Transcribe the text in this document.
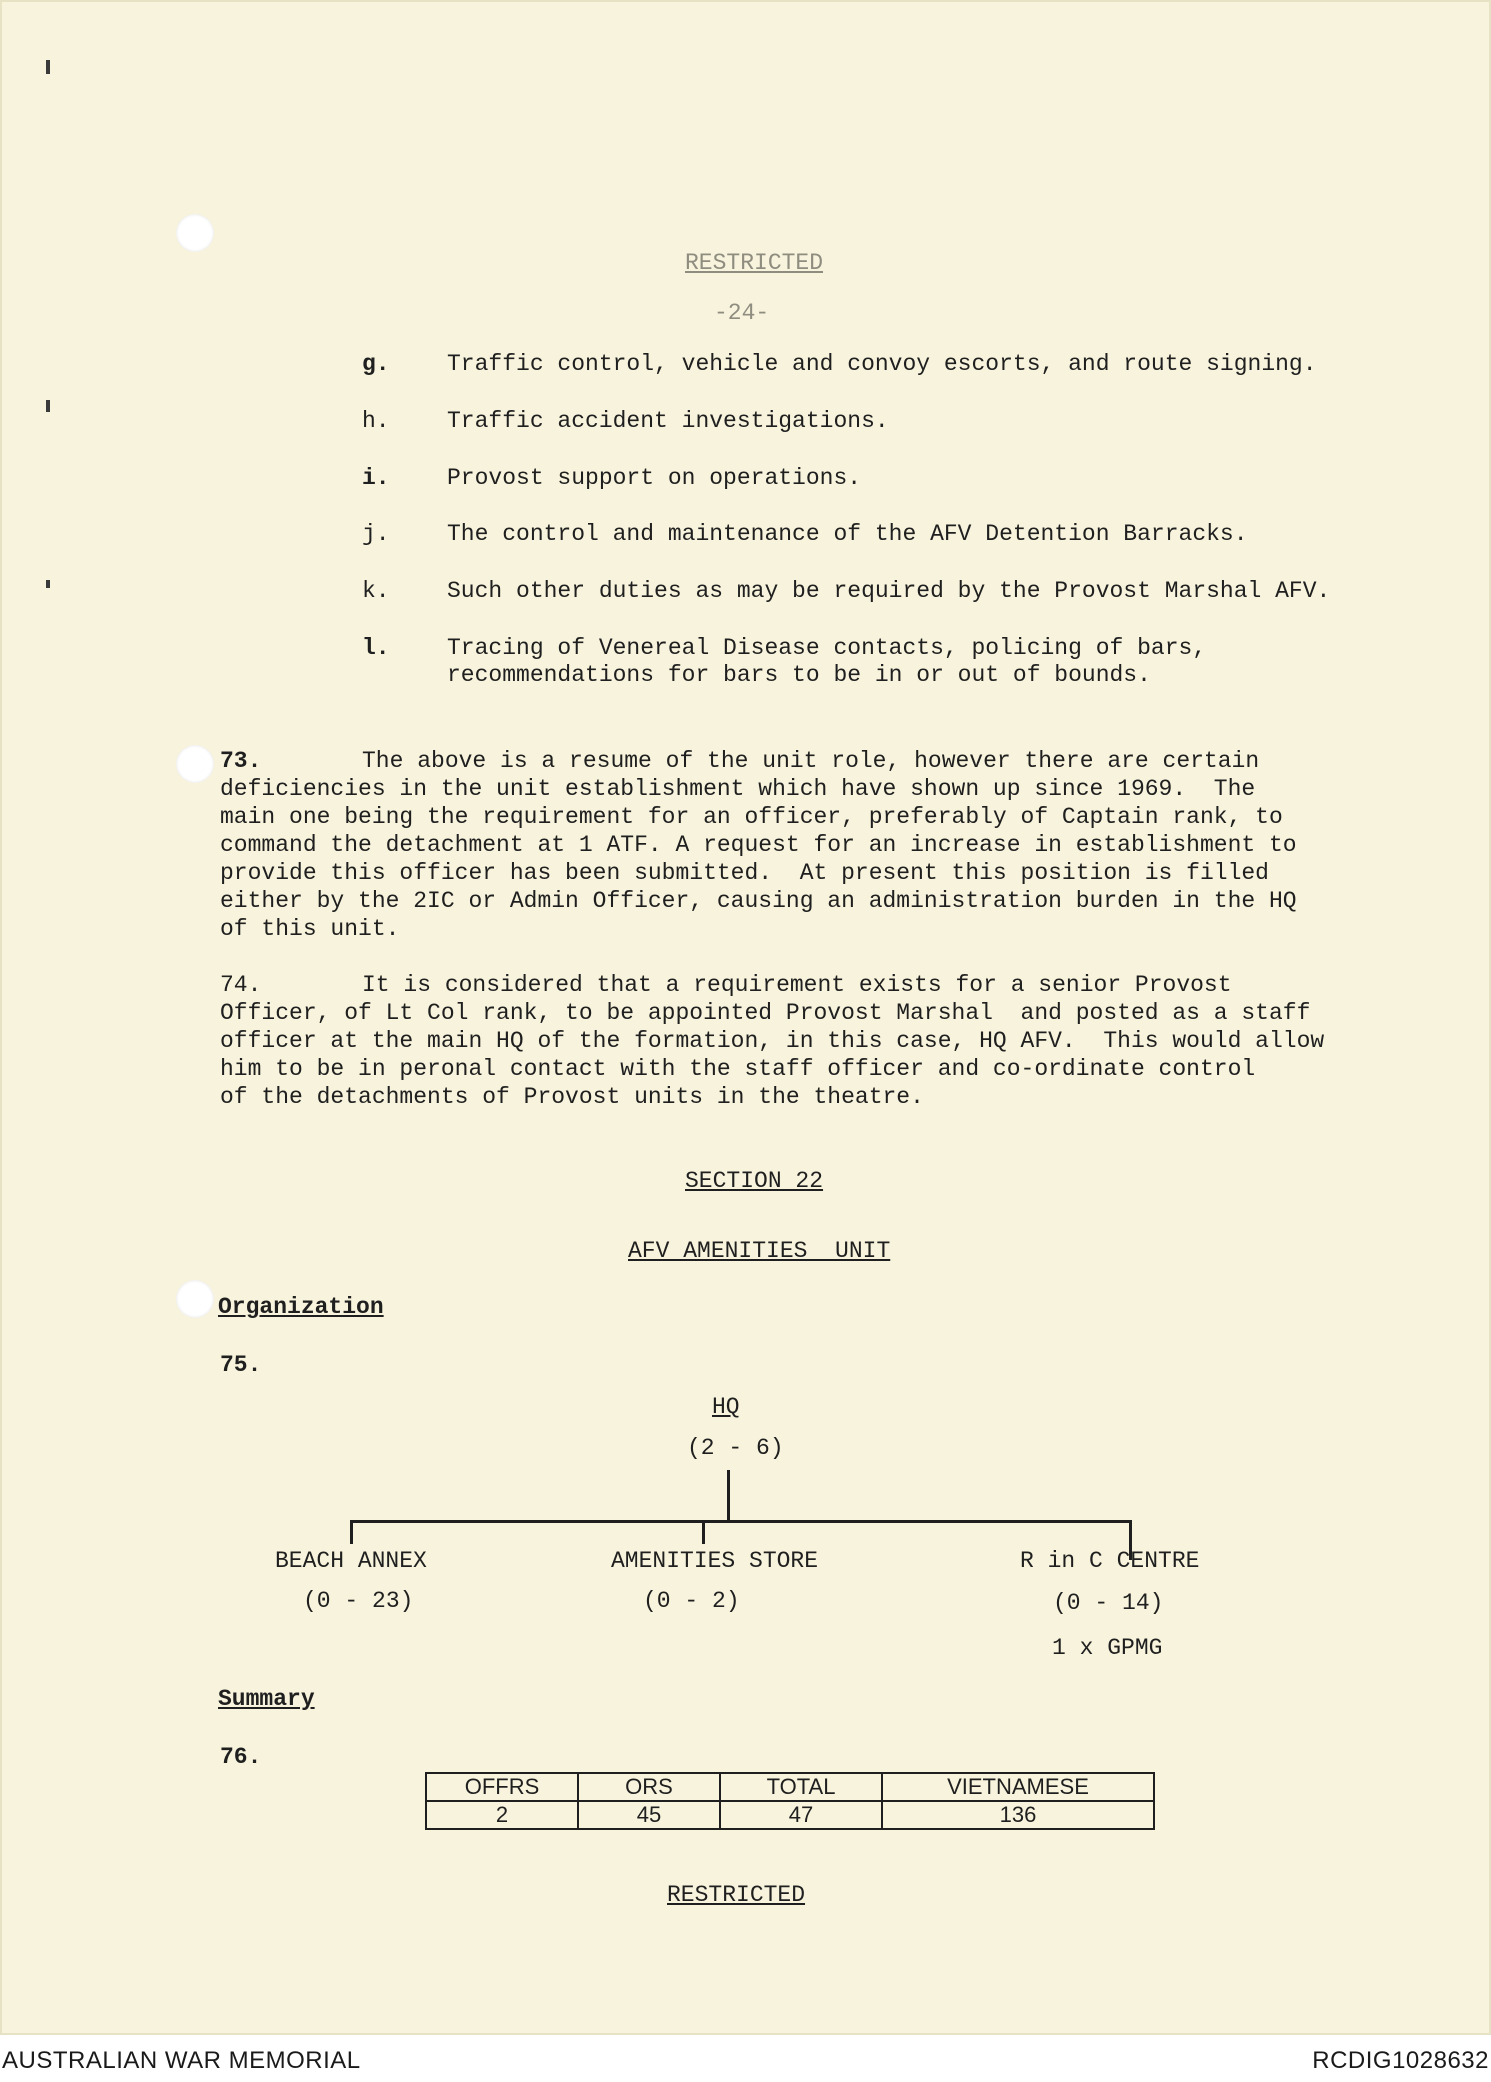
RESTRICTED
-24-
g. Traffic control, vehicle and convoy escorts, and route signing.
h. Traffic accident investigations.
i. Provost support on operations.
j. The control and maintenance of the AFV Detention Barracks.
k. Such other duties as may be required by the Provost Marshal AFV.
l. Tracing of Venereal Disease contacts, policing of bars,
recommendations for bars to be in or out of bounds.
73.	The above is a resume of the unit role, however there are certain
deficiencies in the unit establishment which have shown up since 1969.  The
main one being the requirement for an officer, preferably of Captain rank, to
command the detachment at 1 ATF. A request for an increase in establishment to
provide this officer has been submitted.  At present this position is filled
either by the 2IC or Admin Officer, causing an administration burden in the HQ
of this unit.
74.	It is considered that a requirement exists for a senior Provost
Officer, of Lt Col rank, to be appointed Provost Marshal  and posted as a staff
officer at the main HQ of the formation, in this case, HQ AFV.  This would allow
him to be in peronal contact with the staff officer and co-ordinate control
of the detachments of Provost units in the theatre.
SECTION 22
AFV AMENITIES  UNIT
Organization
75.
HQ
(2 - 6)
BEACH ANNEX
(0 - 23)
AMENITIES STORE
(0 - 2)
R in C CENTRE
(0 - 14)
1 x GPMG
Summary
76.
OFFRS	ORS	TOTAL	VIETNAMESE
2	45	47	136
RESTRICTED
AUSTRALIAN WAR MEMORIAL	RCDIG1028632
